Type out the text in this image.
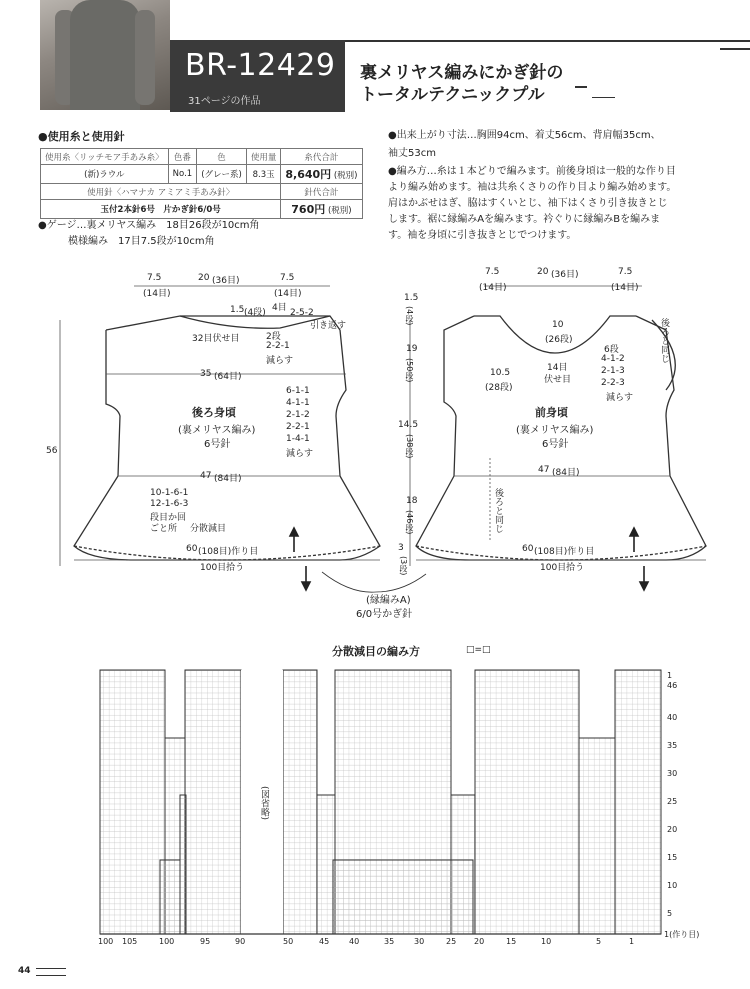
BR-12429
31ページの作品
裏メリヤス編みにかぎ針の
トータルテクニックプル
●使用糸と使用針
使用糸〈リッチモア手あみ糸〉	色番	色	使用量	糸代合計
(新)ラウル	No.1	(グレー系)	8.3玉	8,640円 (税別)
使用針〈ハマナカ アミアミ手あみ針〉				針代合計
玉付2本針6号　片かぎ針6/0号				760円 (税別)
●ゲージ…裏メリヤス編み　18目26段が10cm角
模様編み　17目7.5段が10cm角
●出来上がり寸法…胸囲94cm、着丈56cm、背肩幅35cm、
袖丈53cm
●編み方…糸は１本どりで編みます。前後身頃は一般的な作り目
より編み始めます。袖は共糸くさりの作り目より編み始めます。
肩はかぶせはぎ、脇はすくいとじ、袖下はくさり引き抜きとじ
します。裾に縁編みAを編みます。衿ぐりに縁編みBを編みま
す。袖を身頃に引き抜きとじでつけます。
7.5
(14目)
20 (36目)	7.5
(14目)
1.5 (4段) 4目 2-5-2
引き返す
32目伏せ目	2段
2-2-1
減らす
35 (64目)
6-1-1
4-1-1
2-1-2
2-2-1
1-4-1
減らす
後ろ身頃
(裏メリヤス編み)
6号針
56
47 (84目)
10-1-6-1
12-1-6-3
段目か回
ごと所 分散減目
60 (108目)作り目
100目拾う
7.5
(14目)
20 (36目)	7.5
(14目)
後ろと同じ
10
(26段)
14目
伏せ目
6段
4-1-2
2-1-3
2-2-3
減らす
10.5
(28段)
前身頃
(裏メリヤス編み)
6号針
1.5
(4段)
19
(50段)
14.5
(38段)
18
(46段)
3
(3段)
47 (84目)
後ろと同じ
60 (108目)作り目
100目拾う
(縁編みA)
6/0号かぎ針
分散減目の編み方	□=□
(図省略)
100 105	100	95	90	50	45 40	35 30	25 20	15	10	5	1
1
46
40
35
30
25
20
15
10
5
1(作り目)
44
